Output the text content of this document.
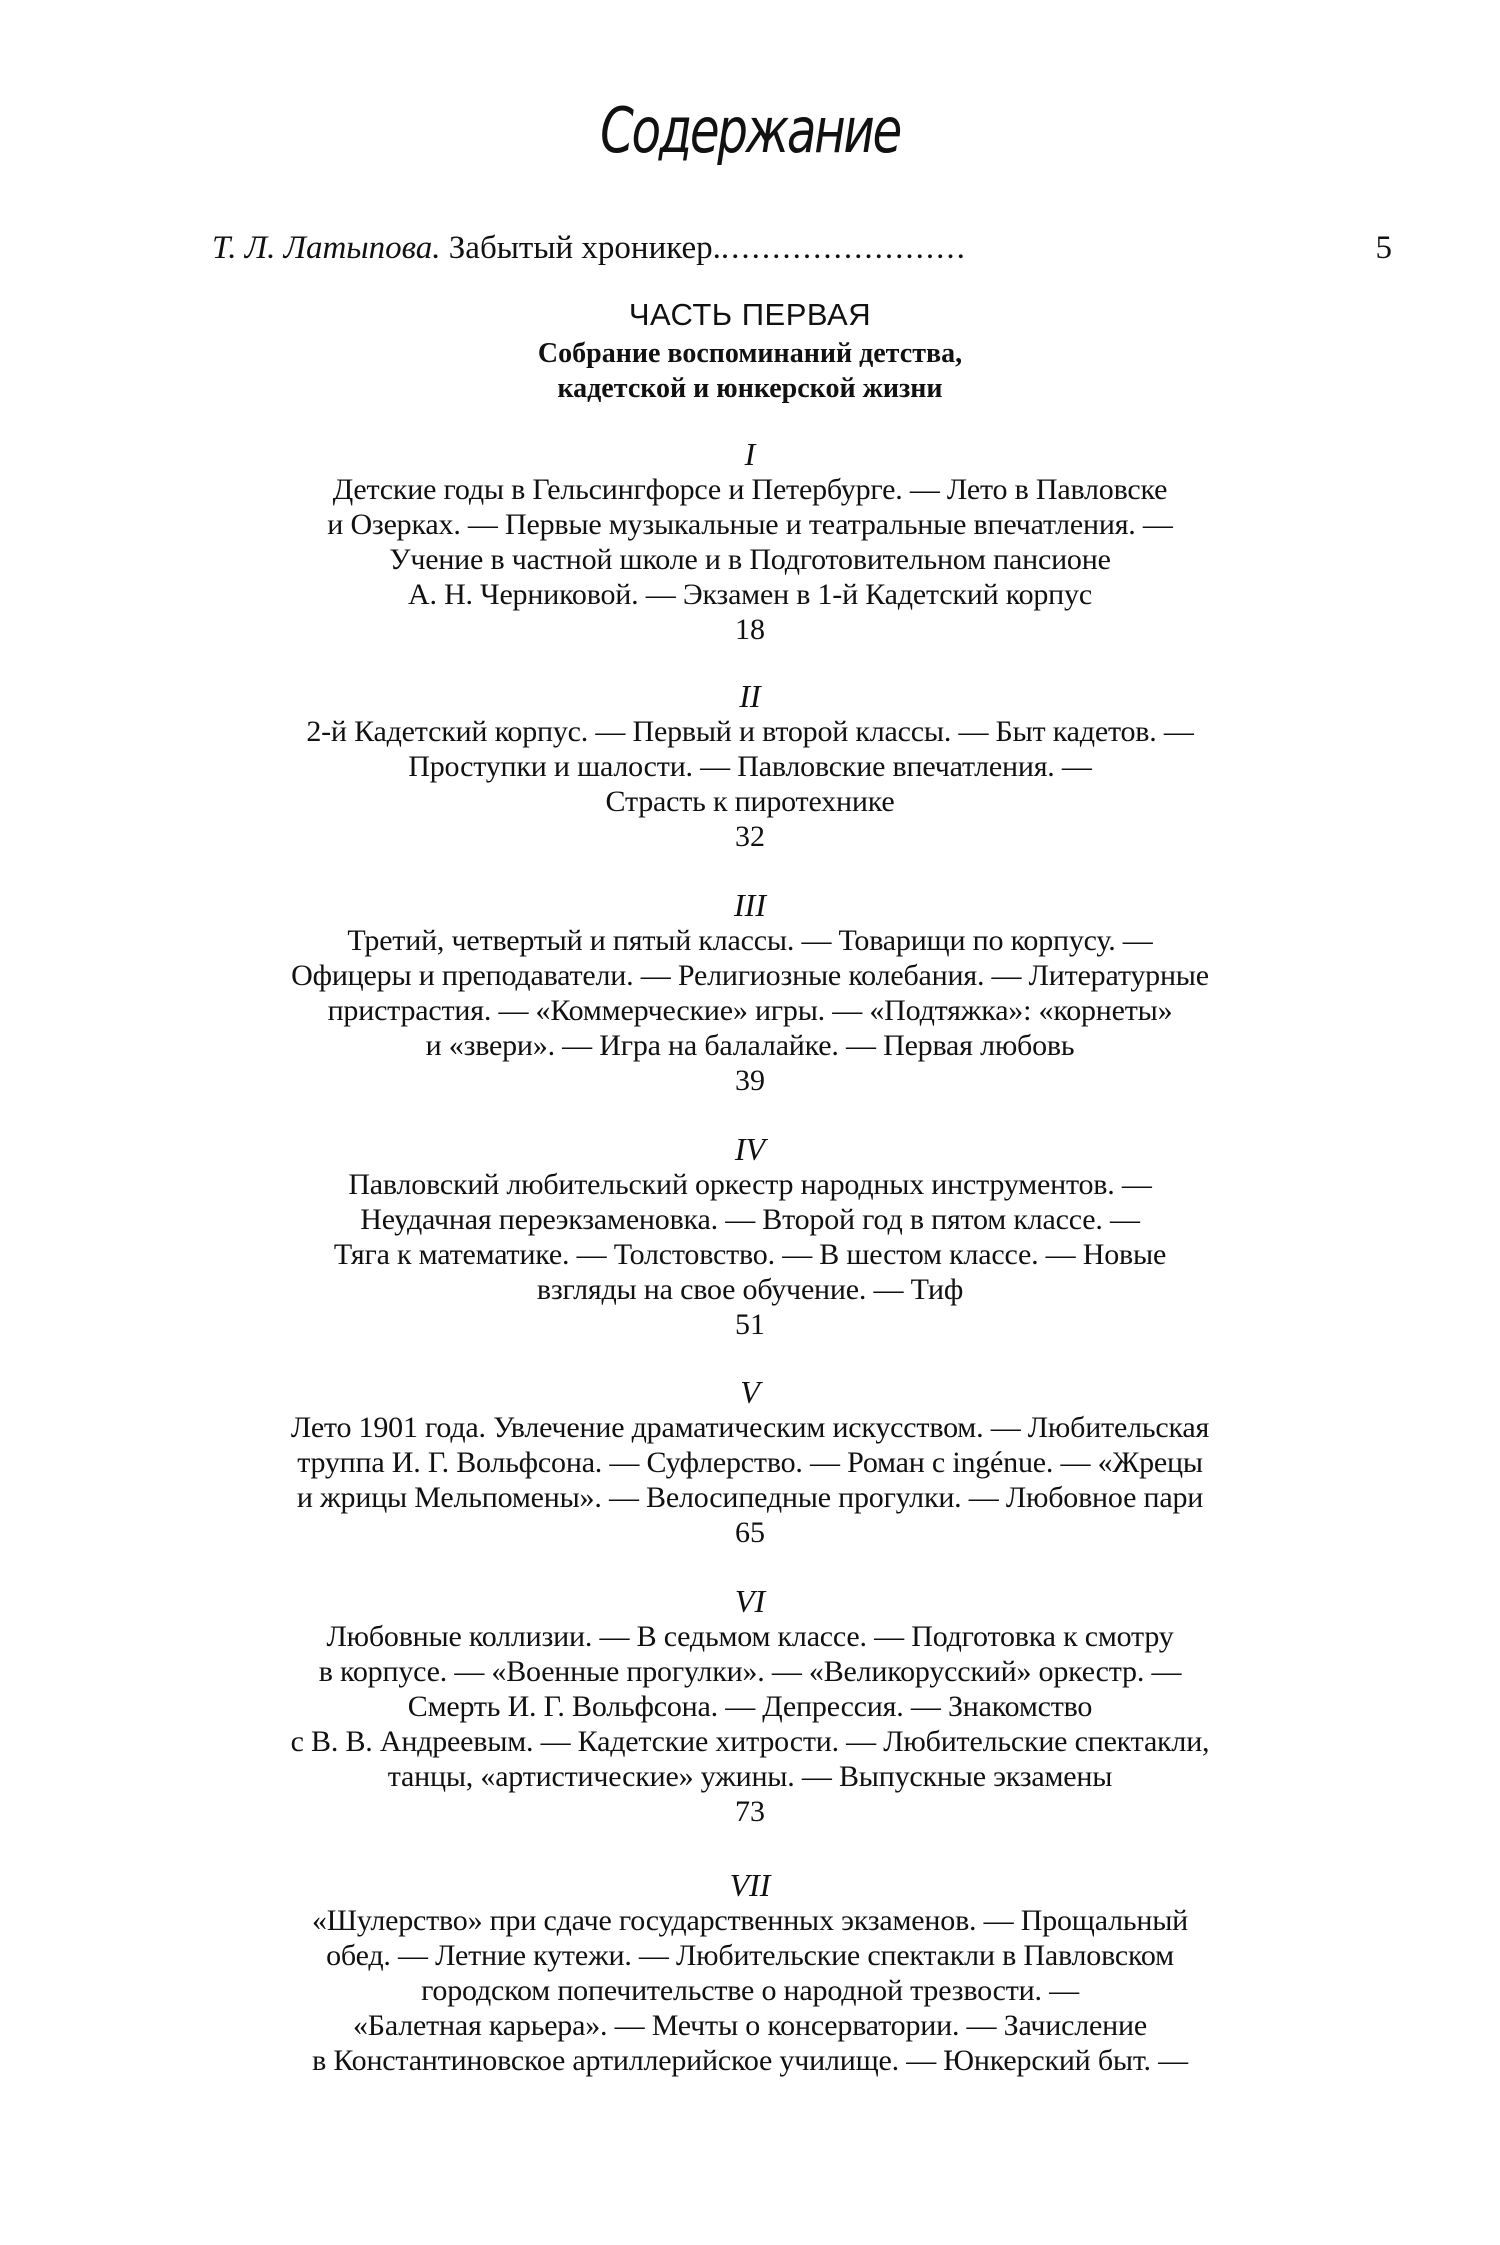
Содержание
Т. Л. Латыпова. Забытый хроникер.........................	5
ЧАСТЬ ПЕРВАЯ
Собрание воспоминаний детства,
кадетской и юнкерской жизни
I
Детские годы в Гельсингфорсе и Петербурге. — Лето в Павловске
и Озерках. — Первые музыкальные и театральные впечатления. —
Учение в частной школе и в Подготовительном пансионе
А. Н. Черниковой. — Экзамен в 1-й Кадетский корпус
18
II
2-й Кадетский корпус. — Первый и второй классы. — Быт кадетов. —
Проступки и шалости. — Павловские впечатления. —
Страсть к пиротехнике
32
III
Третий, четвертый и пятый классы. — Товарищи по корпусу. —
Офицеры и преподаватели. — Религиозные колебания. — Литературные
пристрастия. — «Коммерческие» игры. — «Подтяжка»: «корнеты»
и «звери». — Игра на балалайке. — Первая любовь
39
IV
Павловский любительский оркестр народных инструментов. —
Неудачная переэкзаменовка. — Второй год в пятом классе. —
Тяга к математике. — Толстовство. — В шестом классе. — Новые
взгляды на свое обучение. — Тиф
51
V
Лето 1901 года. Увлечение драматическим искусством. — Любительская
труппа И. Г. Вольфсона. — Суфлерство. — Роман с ingénue. — «Жрецы
и жрицы Мельпомены». — Велосипедные прогулки. — Любовное пари
65
VI
Любовные коллизии. — В седьмом классе. — Подготовка к смотру
в корпусе. — «Военные прогулки». — «Великорусский» оркестр. —
Смерть И. Г. Вольфсона. — Депрессия. — Знакомство
с В. В. Андреевым. — Кадетские хитрости. — Любительские спектакли,
танцы, «артистические» ужины. — Выпускные экзамены
73
VII
«Шулерство» при сдаче государственных экзаменов. — Прощальный
обед. — Летние кутежи. — Любительские спектакли в Павловском
городском попечительстве о народной трезвости. —
«Балетная карьера». — Мечты о консерватории. — Зачисление
в Константиновское артиллерийское училище. — Юнкерский быт. —
